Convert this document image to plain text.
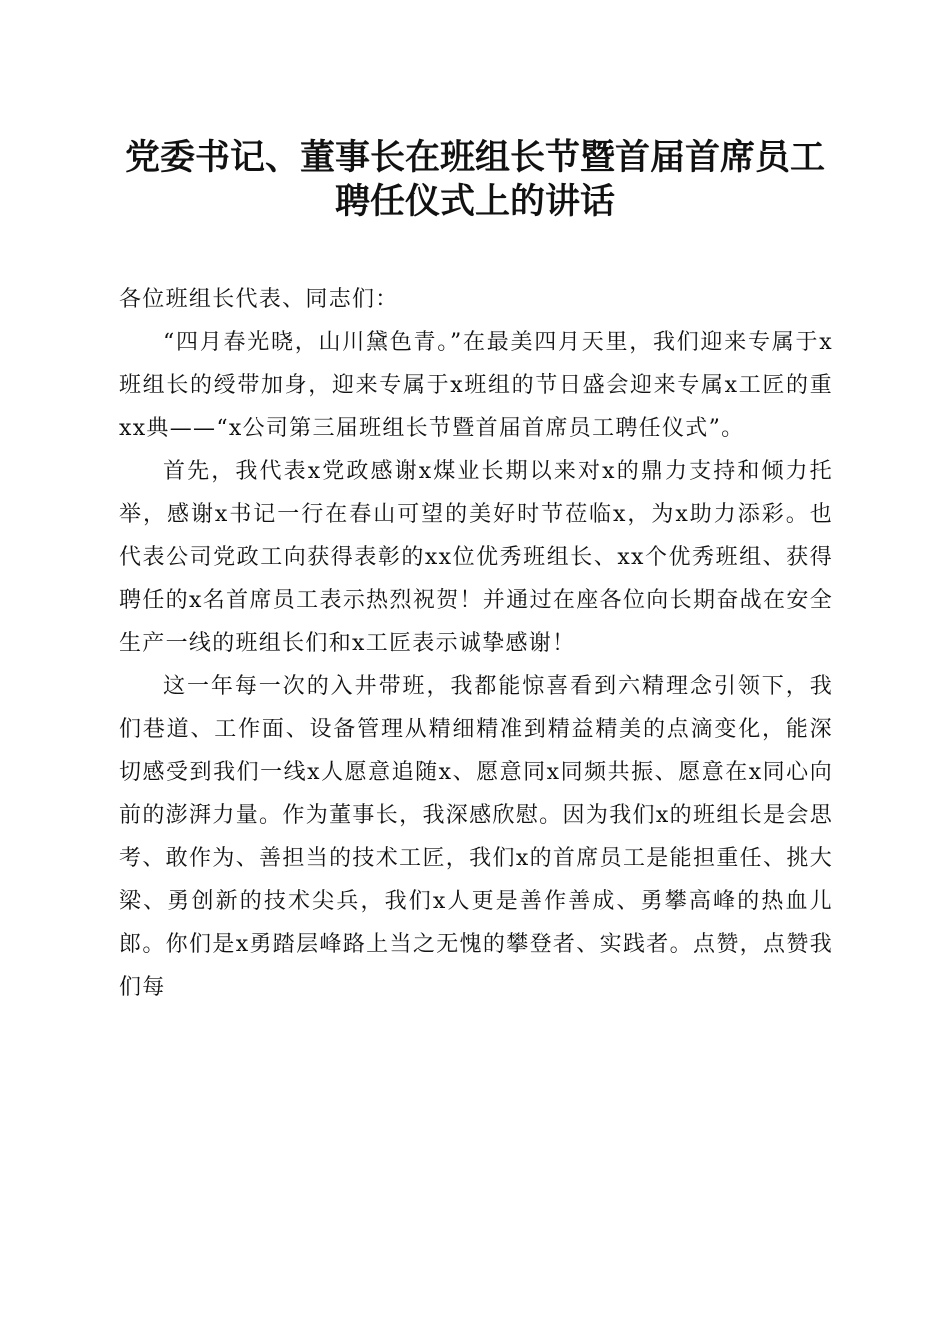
党委书记、董事长在班组长节暨首届首席员工
聘任仪式上的讲话

各位班组长代表、同志们：

“四月春光晓，山川黛色青。”在最美四月天里，我们迎来专属于x班组长的绶带加身，迎来专属于x班组的节日盛会迎来专属x工匠的重xx典——“x公司第三届班组长节暨首届首席员工聘任仪式”。

首先，我代表x党政感谢x煤业长期以来对x的鼎力支持和倾力托举，感谢x书记一行在春山可望的美好时节莅临x，为x助力添彩。也代表公司党政工向获得表彰的xx位优秀班组长、xx个优秀班组、获得聘任的x名首席员工表示热烈祝贺！并通过在座各位向长期奋战在安全生产一线的班组长们和x工匠表示诚挚感谢！

这一年每一次的入井带班，我都能惊喜看到六精理念引领下，我们巷道、工作面、设备管理从精细精准到精益精美的点滴变化，能深切感受到我们一线x人愿意追随x、愿意同x同频共振、愿意在x同心向前的澎湃力量。作为董事长，我深感欣慰。因为我们x的班组长是会思考、敢作为、善担当的技术工匠，我们x的首席员工是能担重任、挑大梁、勇创新的技术尖兵，我们x人更是善作善成、勇攀高峰的热血儿郎。你们是x勇踏层峰路上当之无愧的攀登者、实践者。点赞，点赞我们每
